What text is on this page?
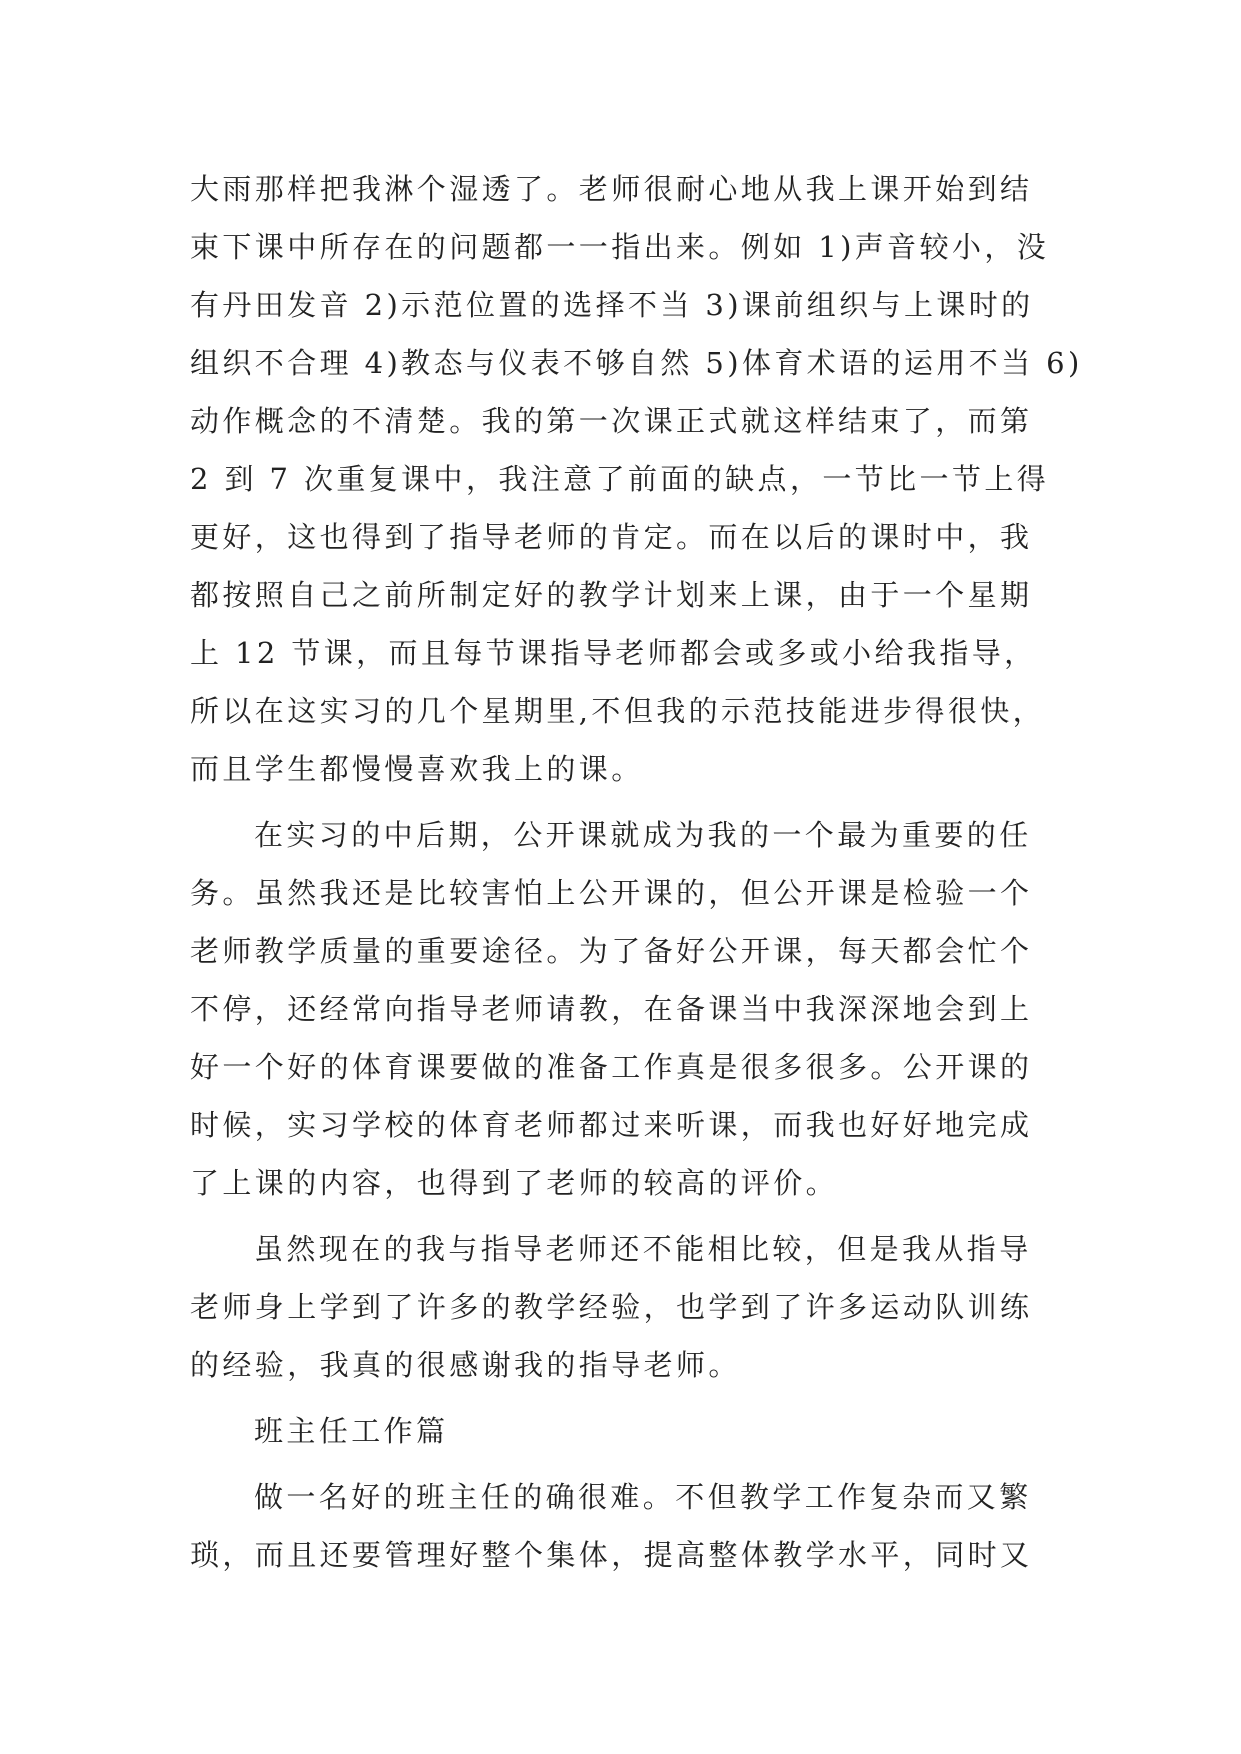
大雨那样把我淋个湿透了。老师很耐心地从我上课开始到结
束下课中所存在的问题都一一指出来。例如 1)声音较小，没
有丹田发音 2)示范位置的选择不当 3)课前组织与上课时的
组织不合理 4)教态与仪表不够自然 5)体育术语的运用不当 6)
动作概念的不清楚。我的第一次课正式就这样结束了，而第
2 到 7 次重复课中，我注意了前面的缺点，一节比一节上得
更好，这也得到了指导老师的肯定。而在以后的课时中，我
都按照自己之前所制定好的教学计划来上课，由于一个星期
上 12 节课，而且每节课指导老师都会或多或小给我指导，
所以在这实习的几个星期里,不但我的示范技能进步得很快，
而且学生都慢慢喜欢我上的课。
在实习的中后期，公开课就成为我的一个最为重要的任
务。虽然我还是比较害怕上公开课的，但公开课是检验一个
老师教学质量的重要途径。为了备好公开课，每天都会忙个
不停，还经常向指导老师请教，在备课当中我深深地会到上
好一个好的体育课要做的准备工作真是很多很多。公开课的
时候，实习学校的体育老师都过来听课，而我也好好地完成
了上课的内容，也得到了老师的较高的评价。
虽然现在的我与指导老师还不能相比较，但是我从指导
老师身上学到了许多的教学经验，也学到了许多运动队训练
的经验，我真的很感谢我的指导老师。
班主任工作篇
做一名好的班主任的确很难。不但教学工作复杂而又繁
琐，而且还要管理好整个集体，提高整体教学水平，同时又
